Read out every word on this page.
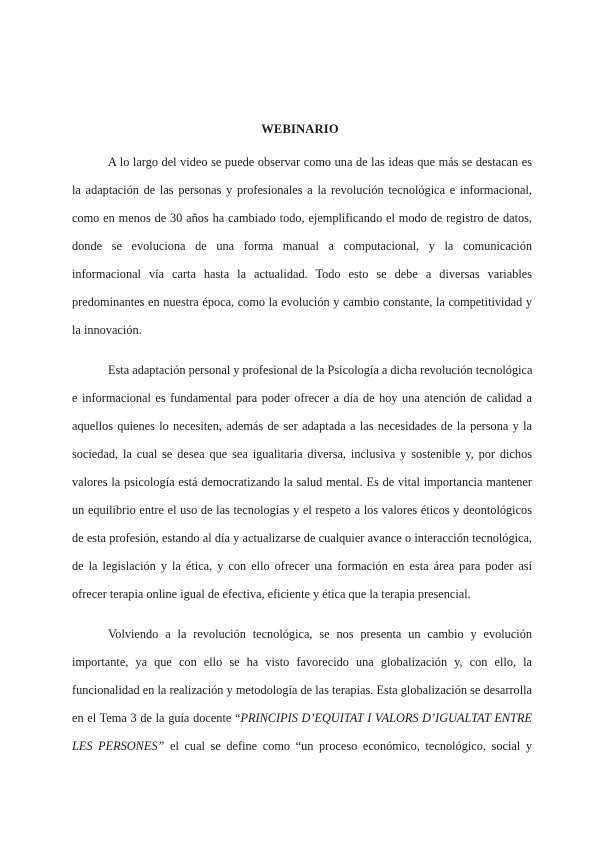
WEBINARIO
A lo largo del video se puede observar como una de las ideas que más se destacan es
la adaptación de las personas y profesionales a la revolución tecnológica e informacional,
como en menos de 30 años ha cambiado todo, ejemplificando el modo de registro de datos,
donde se evoluciona de una forma manual a computacional, y la comunicación
informacional vía carta hasta la actualidad. Todo esto se debe a diversas variables
predominantes en nuestra época, como la evolución y cambio constante, la competitividad y
la innovación.
Esta adaptación personal y profesional de la Psicología a dicha revolución tecnológica
e informacional es fundamental para poder ofrecer a día de hoy una atención de calidad a
aquellos quienes lo necesiten, además de ser adaptada a las necesidades de la persona y la
sociedad, la cual se desea que sea igualitaria diversa, inclusiva y sostenible y, por dichos
valores la psicología está democratizando la salud mental. Es de vital importancia mantener
un equilibrio entre el uso de las tecnologías y el respeto a los valores éticos y deontológicos
de esta profesión, estando al día y actualizarse de cualquier avance o interacción tecnológica,
de la legislación y la ética, y con ello ofrecer una formación en esta área para poder así
ofrecer terapia online igual de efectiva, eficiente y ética que la terapia presencial.
Volviendo a la revolución tecnológica, se nos presenta un cambio y evolución
importante, ya que con ello se ha visto favorecido una globalización y, con ello, la
funcionalidad en la realización y metodología de las terapias. Esta globalización se desarrolla
en el Tema 3 de la guía docente “PRINCIPIS D’EQUITAT I VALORS D’IGUALTAT ENTRE
LES PERSONES” el cual se define como “un proceso económico, tecnológico, social y
